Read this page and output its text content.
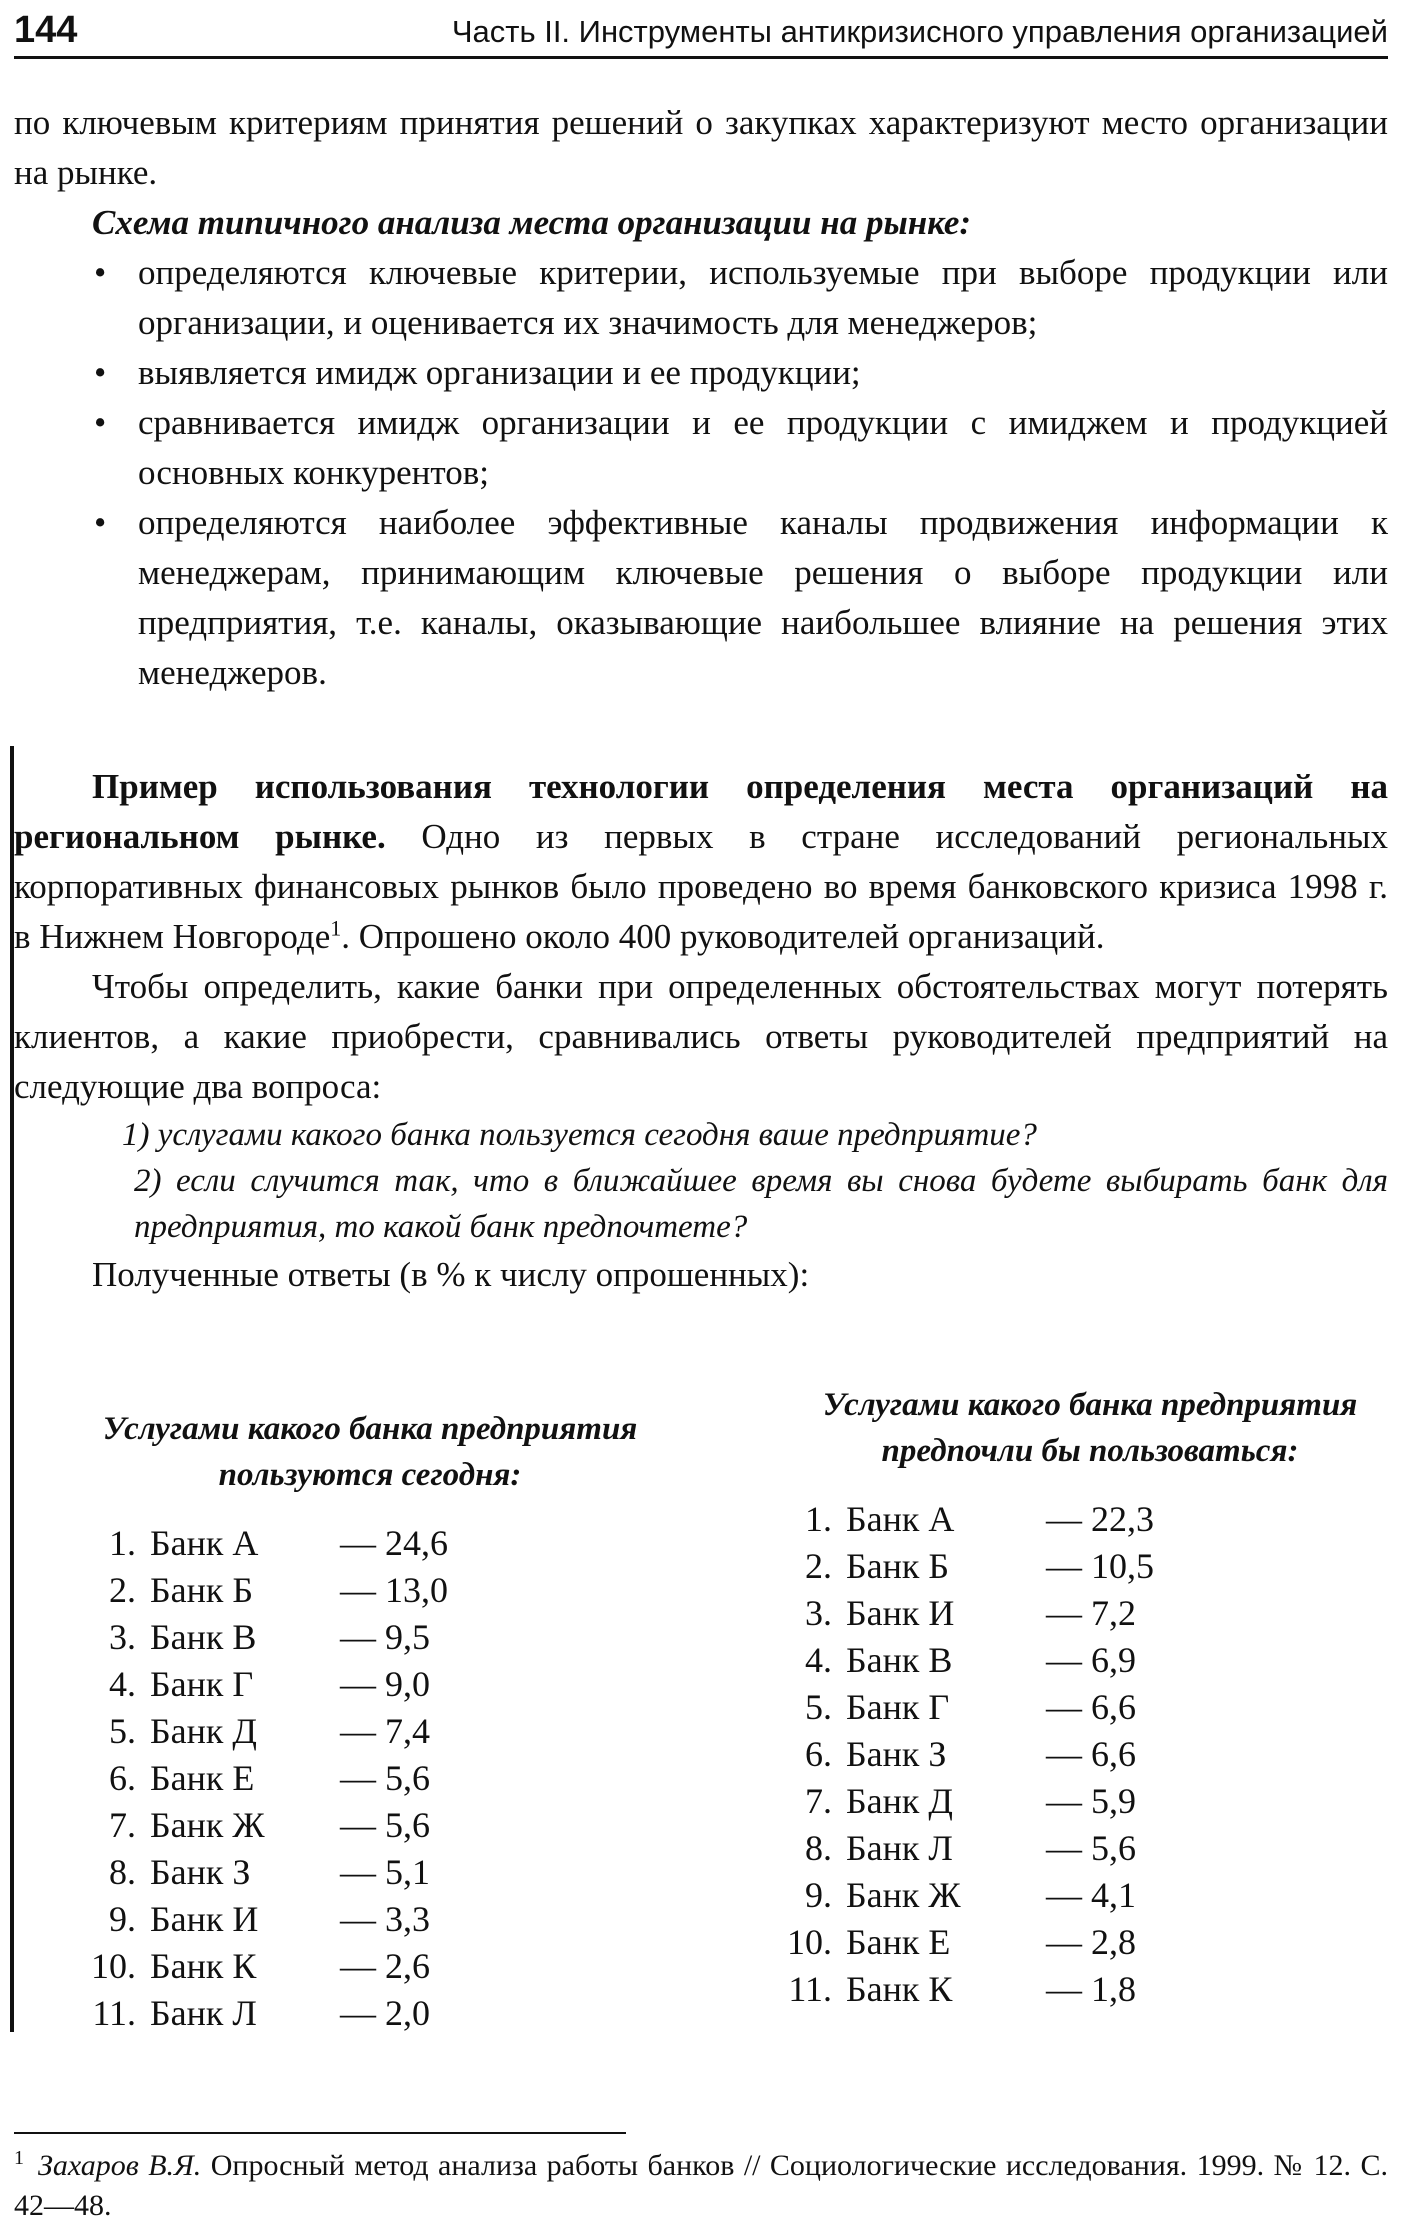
144	Часть II. Инструменты антикризисного управления организацией

по ключевым критериям принятия решений о закупках характеризуют место организации на рынке.

Схема типичного анализа места организации на рынке:

• определяются ключевые критерии, используемые при выборе продукции или организации, и оценивается их значимость для менеджеров;
• выявляется имидж организации и ее продукции;
• сравнивается имидж организации и ее продукции с имиджем и продукцией основных конкурентов;
• определяются наиболее эффективные каналы продвижения информации к менеджерам, принимающим ключевые решения о выборе продукции или предприятия, т.е. каналы, оказывающие наибольшее влияние на решения этих менеджеров.

Пример использования технологии определения места организаций на региональном рынке. Одно из первых в стране исследований региональных корпоративных финансовых рынков было проведено во время банковского кризиса 1998 г. в Нижнем Новгороде$^1$. Опрошено около 400 руководителей организаций.

Чтобы определить, какие банки при определенных обстоятельствах могут потерять клиентов, а какие приобрести, сравнивались ответы руководителей предприятий на следующие два вопроса:

1) услугами какого банка пользуется сегодня ваше предприятие?

2) если случится так, что в ближайшее время вы снова будете выбирать банк для предприятия, то какой банк предпочтете?

Полученные ответы (в % к числу опрошенных):

Услугами какого банка предприятия пользуются сегодня:

1. Банк А — 24,6
2. Банк Б — 13,0
3. Банк В — 9,5
4. Банк Г — 9,0
5. Банк Д — 7,4
6. Банк Е — 5,6
7. Банк Ж — 5,6
8. Банк З — 5,1
9. Банк И — 3,3
10. Банк К — 2,6
11. Банк Л — 2,0

Услугами какого банка предприятия предпочли бы пользоваться:

1. Банк А	— 22,3
2. Банк Б	— 10,5
3. Банк И	— 7,2
4. Банк В	— 6,9
5. Банк Г	— 6,6
6. Банк З	— 6,6
7. Банк Д	— 5,9
8. Банк Л	— 5,6
9. Банк Ж — 4,1
10. Банк Е	— 2,8
11. Банк К	— 1,8
$^1$ Захаров В.Я. Опросный метод анализа работы банков // Социологические исследования. 1999. № 12. С. 42—48.
